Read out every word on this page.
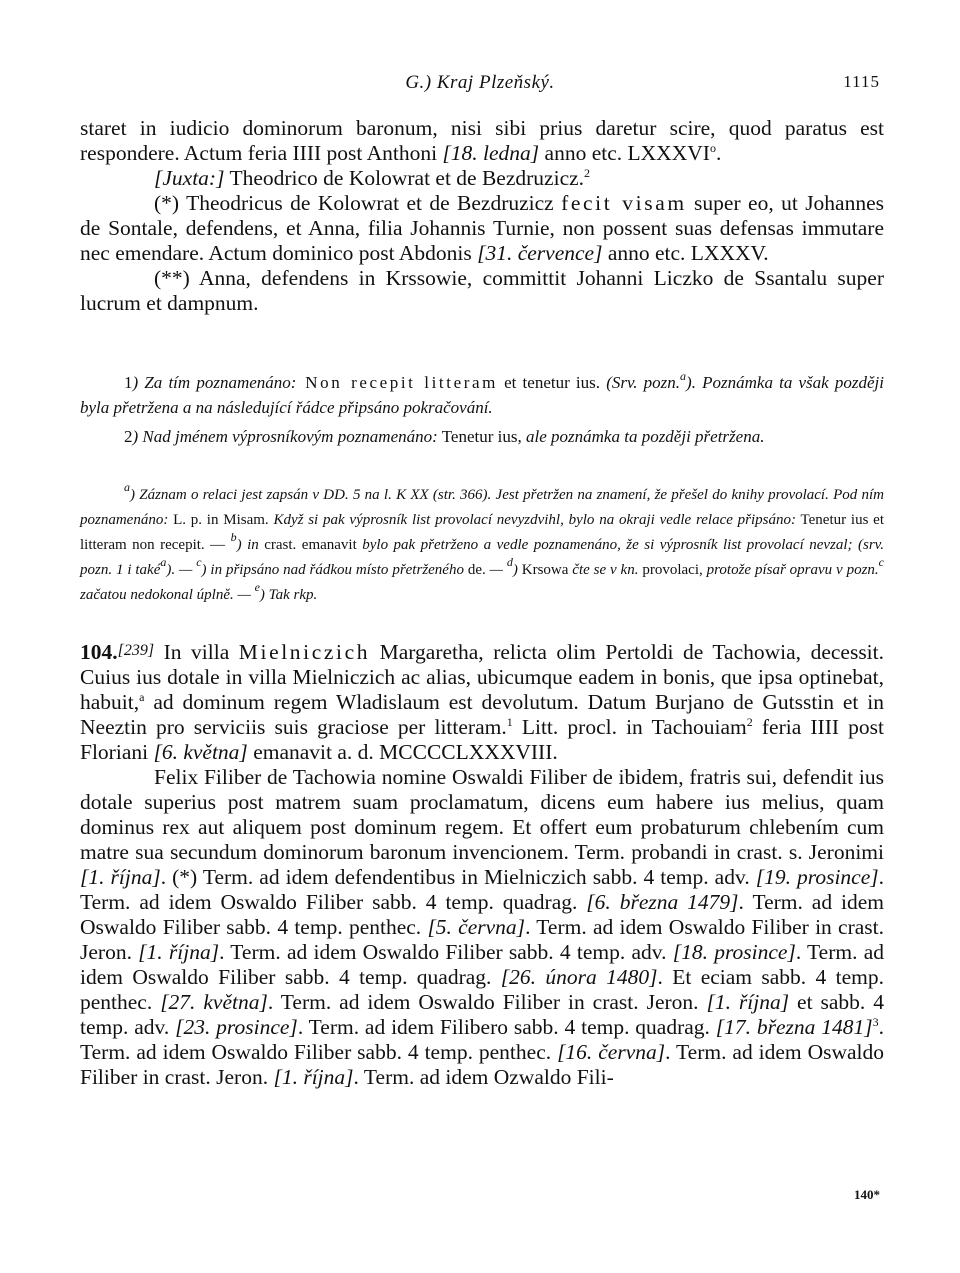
G.) Kraj Plzeňský.	1115

staret in iudicio dominorum baronum, nisi sibi prius daretur scire, quod paratus est respondere. Actum feria IIII post Anthoni [18. ledna] anno etc. LXXXVI$^o$.

[Juxta:] Theodrico de Kolowrat et de Bezdruzicz.$^2$

(*) Theodricus de Kolowrat et de Bezdruzicz fecit visam super eo, ut Johannes de Sontale, defendens, et Anna, filia Johannis Turnie, non possent suas defensas immutare nec emendare. Actum dominico post Abdonis [31. července] anno etc. LXXXV.

(**) Anna, defendens in Krssowie, committit Johanni Liczko de Ssantalu super lucrum et dampnum.

1) Za tím poznamenáno: Non recepit litteram et tenetur ius. (Srv. pozn.$^a$). Poznámka ta však později byla přetržena a na následující řádce připsáno pokračování.

2) Nad jménem výprosníkovým poznamenáno: Tenetur ius, ale poznámka ta později přetržena.

$^a$) Záznam o relaci jest zapsán v DD. 5 na l. K XX (str. 366). Jest přetržen na znamení, že přešel do knihy provolací. Pod ním poznamenáno: L. p. in Misam. Když si pak výprosník list provolací nevyzdvihl, bylo na okraji vedle relace připsáno: Tenetur ius et litteram non recepit. — $^b$) in crast. emanavit bylo pak přetrženo a vedle poznamenáno, že si výprosník list provolací nevzal; (srv. pozn. 1 i také$^a$). — $^c$) in připsáno nad řádkou místo přetrženého de. — $^d$) Krsowa čte se v kn. provolaci, protože písař opravu v pozn.$^c$ začatou nedokonal úplně. — $^e$) Tak rkp.

104.[239] In villa Mielniczich Margaretha, relicta olim Pertoldi de Tachowia, decessit. Cuius ius dotale in villa Mielniczich ac alias, ubicumque eadem in bonis, que ipsa optinebat, habuit,$^a$ ad dominum regem Wladislaum est devolutum. Datum Burjano de Gutsstin et in Neeztin pro serviciis suis graciose per litteram.$^1$ Litt. procl. in Tachouiam$^2$ feria IIII post Floriani [6. května] emanavit a. d. MCCCCLXXXVIII.

Felix Filiber de Tachowia nomine Oswaldi Filiber de ibidem, fratris sui, defendit ius dotale superius post matrem suam proclamatum, dicens eum habere ius melius, quam dominus rex aut aliquem post dominum regem. Et offert eum probaturum chlebením cum matre sua secundum dominorum baronum invencionem. Term. probandi in crast. s. Jeronimi [1. října]. (*) Term. ad idem defendentibus in Mielniczich sabb. 4 temp. adv. [19. prosince]. Term. ad idem Oswaldo Filiber sabb. 4 temp. quadrag. [6. března 1479]. Term. ad idem Oswaldo Filiber sabb. 4 temp. penthec. [5. června]. Term. ad idem Oswaldo Filiber in crast. Jeron. [1. října]. Term. ad idem Oswaldo Filiber sabb. 4 temp. adv. [18. prosince]. Term. ad idem Oswaldo Filiber sabb. 4 temp. quadrag. [26. února 1480]. Et eciam sabb. 4 temp. penthec. [27. května]. Term. ad idem Oswaldo Filiber in crast. Jeron. [1. října] et sabb. 4 temp. adv. [23. prosince]. Term. ad idem Filibero sabb. 4 temp. quadrag. [17. března 1481]$^3$. Term. ad idem Oswaldo Filiber sabb. 4 temp. penthec. [16. června]. Term. ad idem Oswaldo Filiber in crast. Jeron. [1. října]. Term. ad idem Ozwaldo Fili-

140*
